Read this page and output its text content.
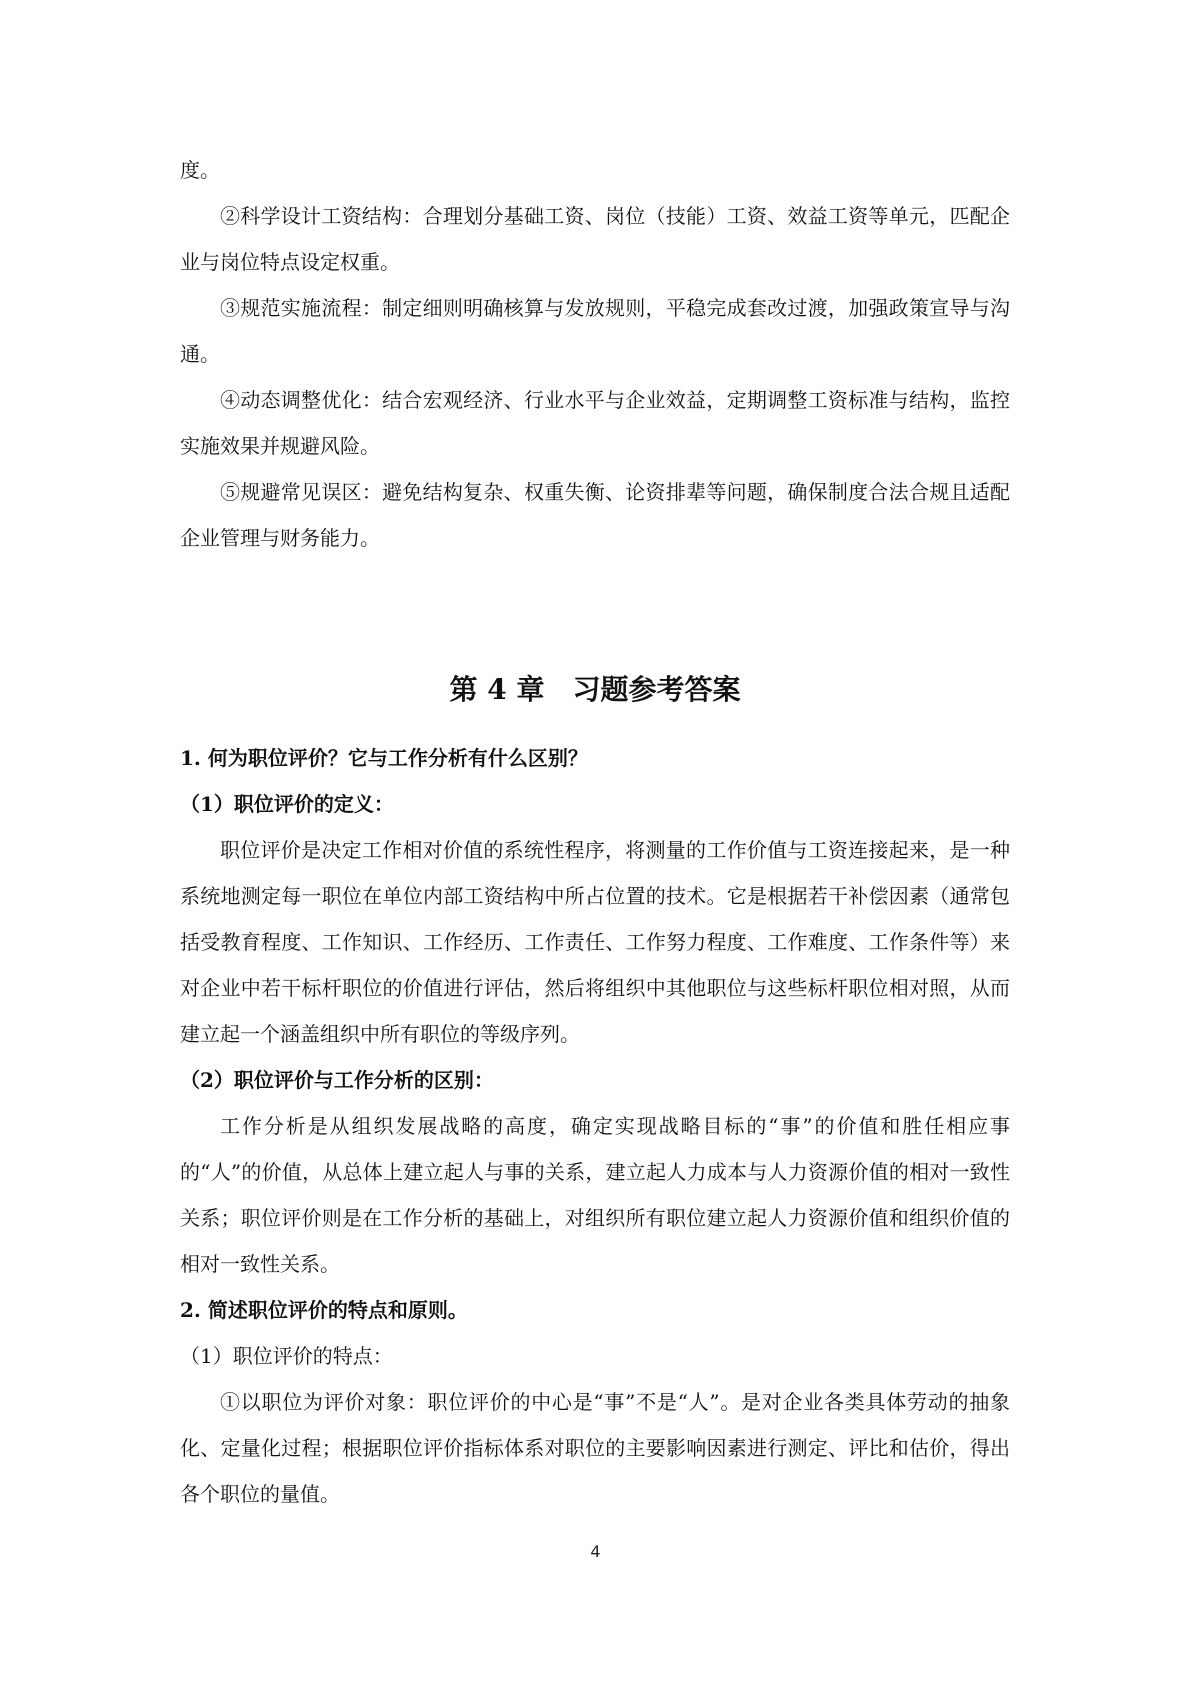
度。

②科学设计工资结构：合理划分基础工资、岗位（技能）工资、效益工资等单元，匹配企业与岗位特点设定权重。

③规范实施流程：制定细则明确核算与发放规则，平稳完成套改过渡，加强政策宣导与沟通。

④动态调整优化：结合宏观经济、行业水平与企业效益，定期调整工资标准与结构，监控实施效果并规避风险。

⑤规避常见误区：避免结构复杂、权重失衡、论资排辈等问题，确保制度合法合规且适配企业管理与财务能力。

第 4 章　习题参考答案

1. 何为职位评价？它与工作分析有什么区别？

（1）职位评价的定义：

职位评价是决定工作相对价值的系统性程序，将测量的工作价值与工资连接起来，是一种系统地测定每一职位在单位内部工资结构中所占位置的技术。它是根据若干补偿因素（通常包括受教育程度、工作知识、工作经历、工作责任、工作努力程度、工作难度、工作条件等）来对企业中若干标杆职位的价值进行评估，然后将组织中其他职位与这些标杆职位相对照，从而建立起一个涵盖组织中所有职位的等级序列。

（2）职位评价与工作分析的区别：

工作分析是从组织发展战略的高度，确定实现战略目标的“事”的价值和胜任相应事的“人”的价值，从总体上建立起人与事的关系，建立起人力成本与人力资源价值的相对一致性关系；职位评价则是在工作分析的基础上，对组织所有职位建立起人力资源价值和组织价值的相对一致性关系。

2. 简述职位评价的特点和原则。

（1）职位评价的特点：

①以职位为评价对象：职位评价的中心是“事”不是“人”。是对企业各类具体劳动的抽象化、定量化过程；根据职位评价指标体系对职位的主要影响因素进行测定、评比和估价，得出各个职位的量值。

4
